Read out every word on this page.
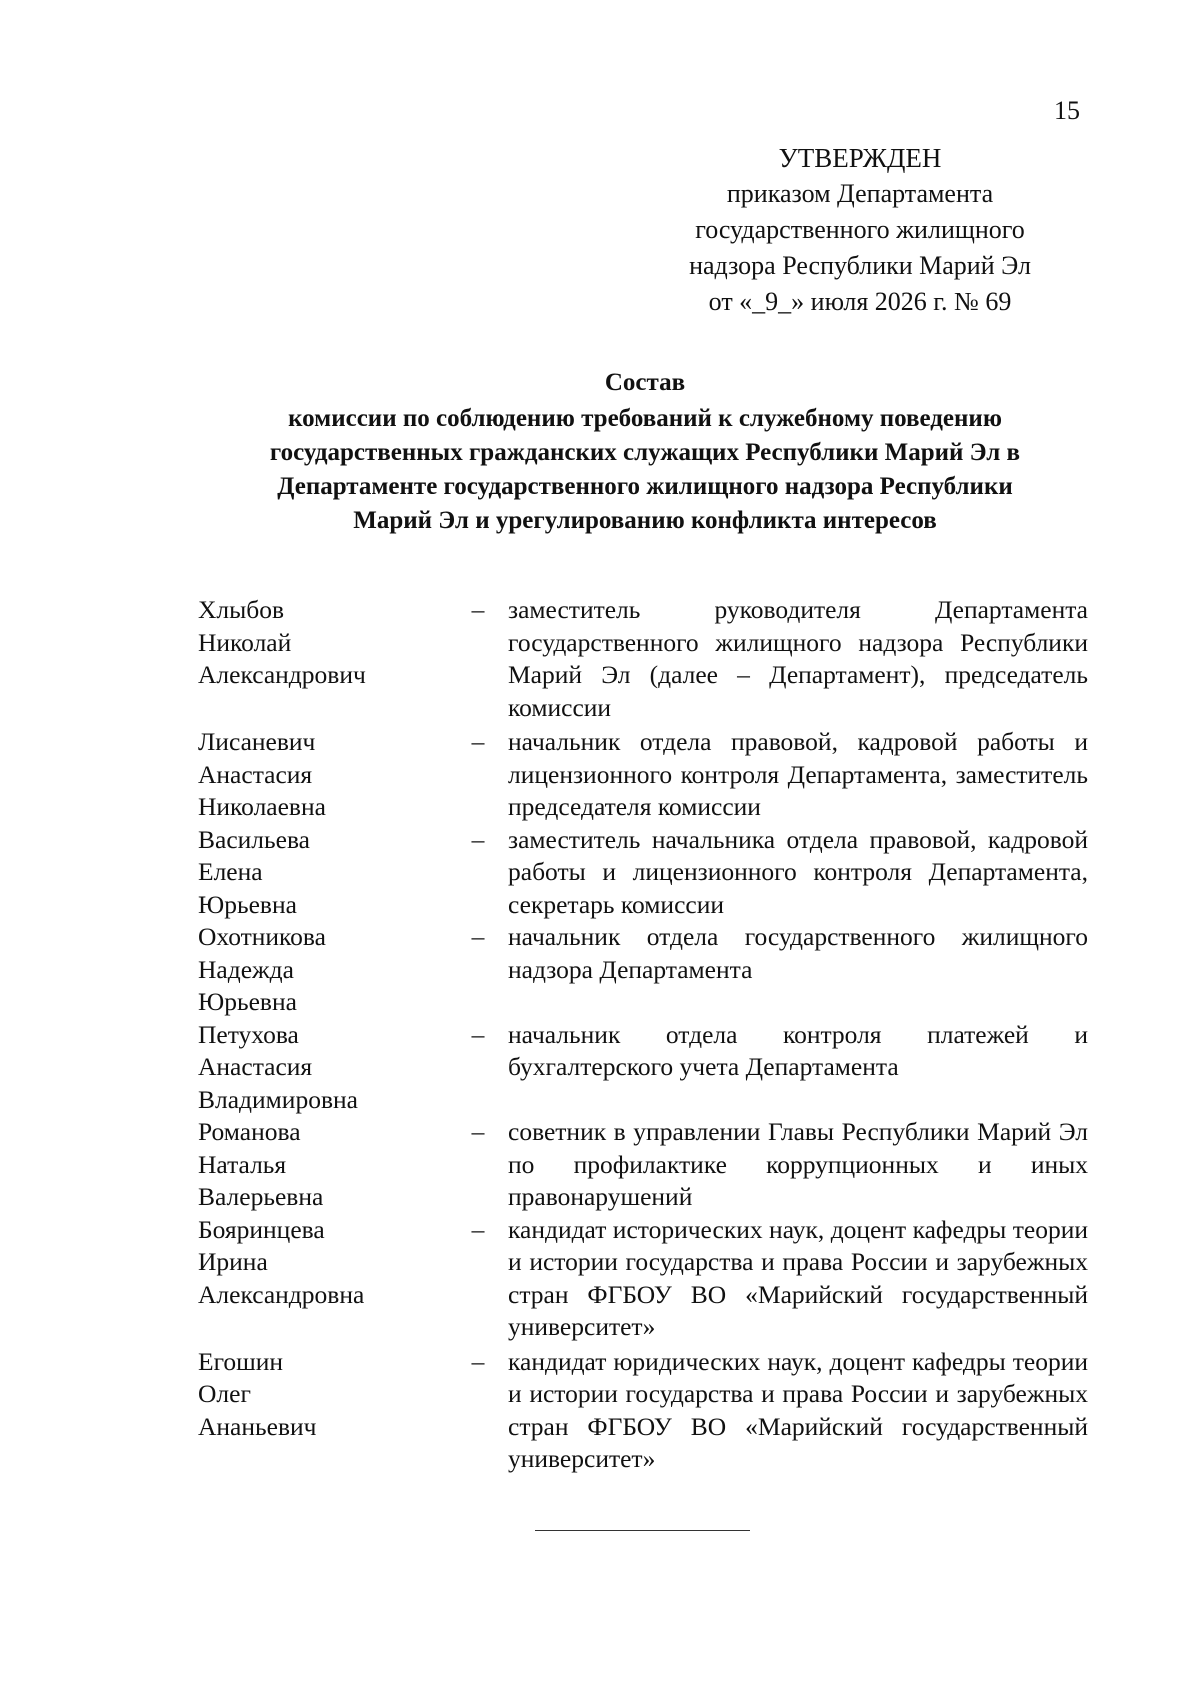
15
УТВЕРЖДЕН
приказом Департамента
государственного жилищного
надзора Республики Марий Эл
от «_9_» июля 2026 г. № 69
Состав
комиссии по соблюдению требований к служебному поведению
государственных гражданских служащих Республики Марий Эл в
Департаменте государственного жилищного надзора Республики
Марий Эл и урегулированию конфликта интересов
Хлыбов
Николай
Александрович
– заместитель руководителя Департамента государственного жилищного надзора Республики Марий Эл (далее – Департамент), председатель комиссии
Лисаневич
Анастасия
Николаевна
– начальник отдела правовой, кадровой работы и лицензионного контроля Департамента, заместитель председателя комиссии
Васильева
Елена
Юрьевна
– заместитель начальника отдела правовой, кадровой работы и лицензионного контроля Департамента, секретарь комиссии
Охотникова
Надежда
Юрьевна
– начальник отдела государственного жилищного надзора Департамента
Петухова
Анастасия
Владимировна
– начальник отдела контроля платежей и бухгалтерского учета Департамента
Романова
Наталья
Валерьевна
– советник в управлении Главы Республики Марий Эл по профилактике коррупционных и иных правонарушений
Бояринцева
Ирина
Александровна
– кандидат исторических наук, доцент кафедры теории и истории государства и права России и зарубежных стран ФГБОУ ВО «Марийский государственный университет»
Егошин
Олег
Ананьевич
– кандидат юридических наук, доцент кафедры теории и истории государства и права России и зарубежных стран ФГБОУ ВО «Марийский государственный университет»
